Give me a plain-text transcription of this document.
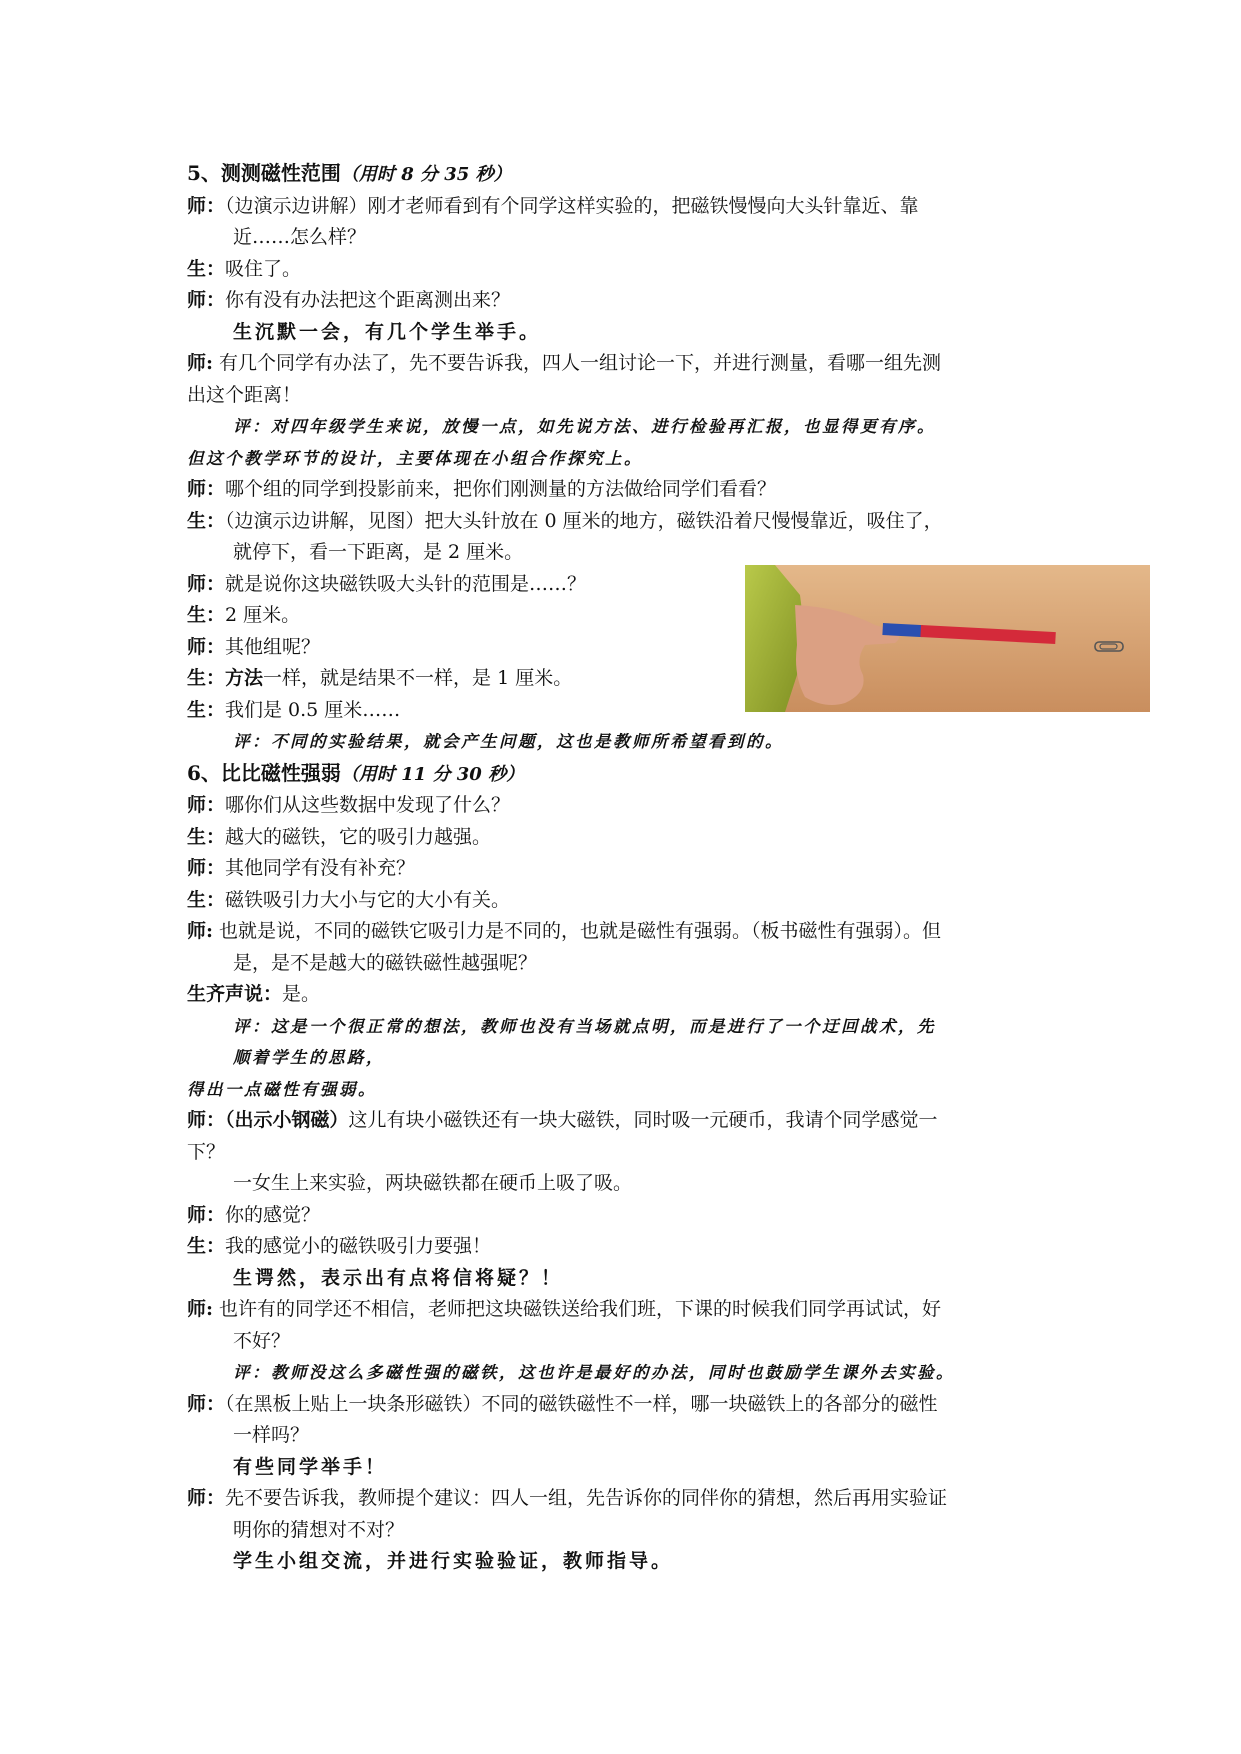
5、测测磁性范围（用时 8 分 35 秒）

师：（边演示边讲解）刚才老师看到有个同学这样实验的，把磁铁慢慢向大头针靠近、靠

近……怎么样？

生：吸住了。

师：你有没有办法把这个距离测出来？

生沉默一会，有几个学生举手。

师: 有几个同学有办法了，先不要告诉我，四人一组讨论一下，并进行测量，看哪一组先测

出这个距离！

评：对四年级学生来说，放慢一点，如先说方法、进行检验再汇报，也显得更有序。

但这个教学环节的设计，主要体现在小组合作探究上。

师：哪个组的同学到投影前来，把你们刚测量的方法做给同学们看看？

生：（边演示边讲解，见图）把大头针放在 0 厘米的地方，磁铁沿着尺慢慢靠近，吸住了，

就停下，看一下距离，是 2 厘米。

师：就是说你这块磁铁吸大头针的范围是……？

生：2 厘米。

师：其他组呢？

生：方法一样，就是结果不一样，是 1 厘米。

生：我们是 0.5 厘米……

评：不同的实验结果，就会产生问题，这也是教师所希望看到的。

6、比比磁性强弱（用时 11 分 30 秒）

师：哪你们从这些数据中发现了什么？

生：越大的磁铁，它的吸引力越强。

师：其他同学有没有补充？

生：磁铁吸引力大小与它的大小有关。

师: 也就是说，不同的磁铁它吸引力是不同的，也就是磁性有强弱。（板书磁性有强弱）。但

是，是不是越大的磁铁磁性越强呢？

生齐声说：是。

评：这是一个很正常的想法，教师也没有当场就点明，而是进行了一个迂回战术，先

顺着学生的思路，

得出一点磁性有强弱。

师：（出示小钢磁）这儿有块小磁铁还有一块大磁铁，同时吸一元硬币，我请个同学感觉一

下？

一女生上来实验，两块磁铁都在硬币上吸了吸。

师：你的感觉？

生：我的感觉小的磁铁吸引力要强！

生谔然，表示出有点将信将疑？！

师: 也许有的同学还不相信，老师把这块磁铁送给我们班，下课的时候我们同学再试试，好

不好？

评：教师没这么多磁性强的磁铁，这也许是最好的办法，同时也鼓励学生课外去实验。

师：（在黑板上贴上一块条形磁铁）不同的磁铁磁性不一样，哪一块磁铁上的各部分的磁性

一样吗？

有些同学举手！

师：先不要告诉我，教师提个建议：四人一组，先告诉你的同伴你的猜想，然后再用实验证

明你的猜想对不对？

学生小组交流，并进行实验验证，教师指导。
